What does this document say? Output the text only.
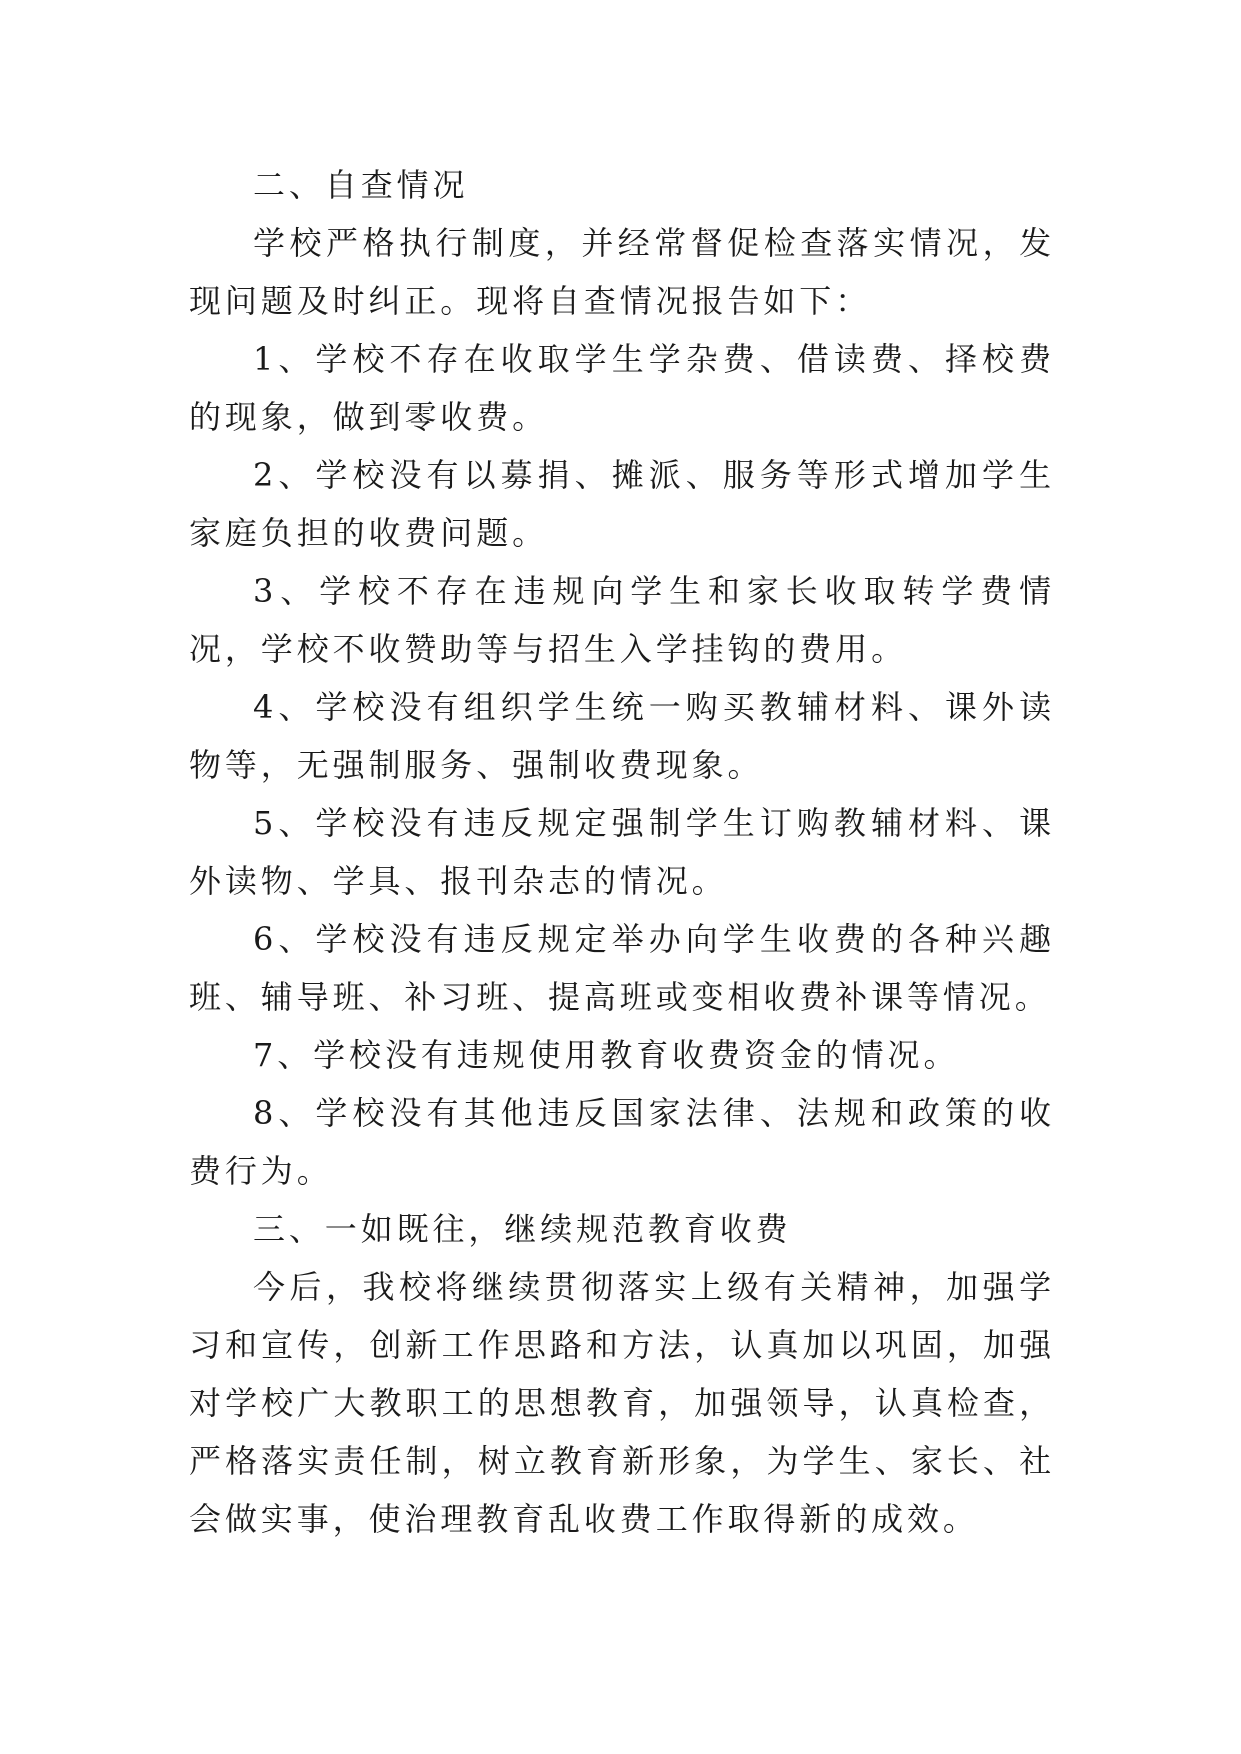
二、自查情况

学校严格执行制度，并经常督促检查落实情况，发现问题及时纠正。现将自查情况报告如下：

1、学校不存在收取学生学杂费、借读费、择校费的现象，做到零收费。

2、学校没有以募捐、摊派、服务等形式增加学生家庭负担的收费问题。

3、学校不存在违规向学生和家长收取转学费情况，学校不收赞助等与招生入学挂钩的费用。

4、学校没有组织学生统一购买教辅材料、课外读物等，无强制服务、强制收费现象。

5、学校没有违反规定强制学生订购教辅材料、课外读物、学具、报刊杂志的情况。

6、学校没有违反规定举办向学生收费的各种兴趣班、辅导班、补习班、提高班或变相收费补课等情况。

7、学校没有违规使用教育收费资金的情况。

8、学校没有其他违反国家法律、法规和政策的收费行为。

三、一如既往，继续规范教育收费

今后，我校将继续贯彻落实上级有关精神，加强学习和宣传，创新工作思路和方法，认真加以巩固，加强对学校广大教职工的思想教育，加强领导，认真检查，严格落实责任制，树立教育新形象，为学生、家长、社会做实事，使治理教育乱收费工作取得新的成效。
